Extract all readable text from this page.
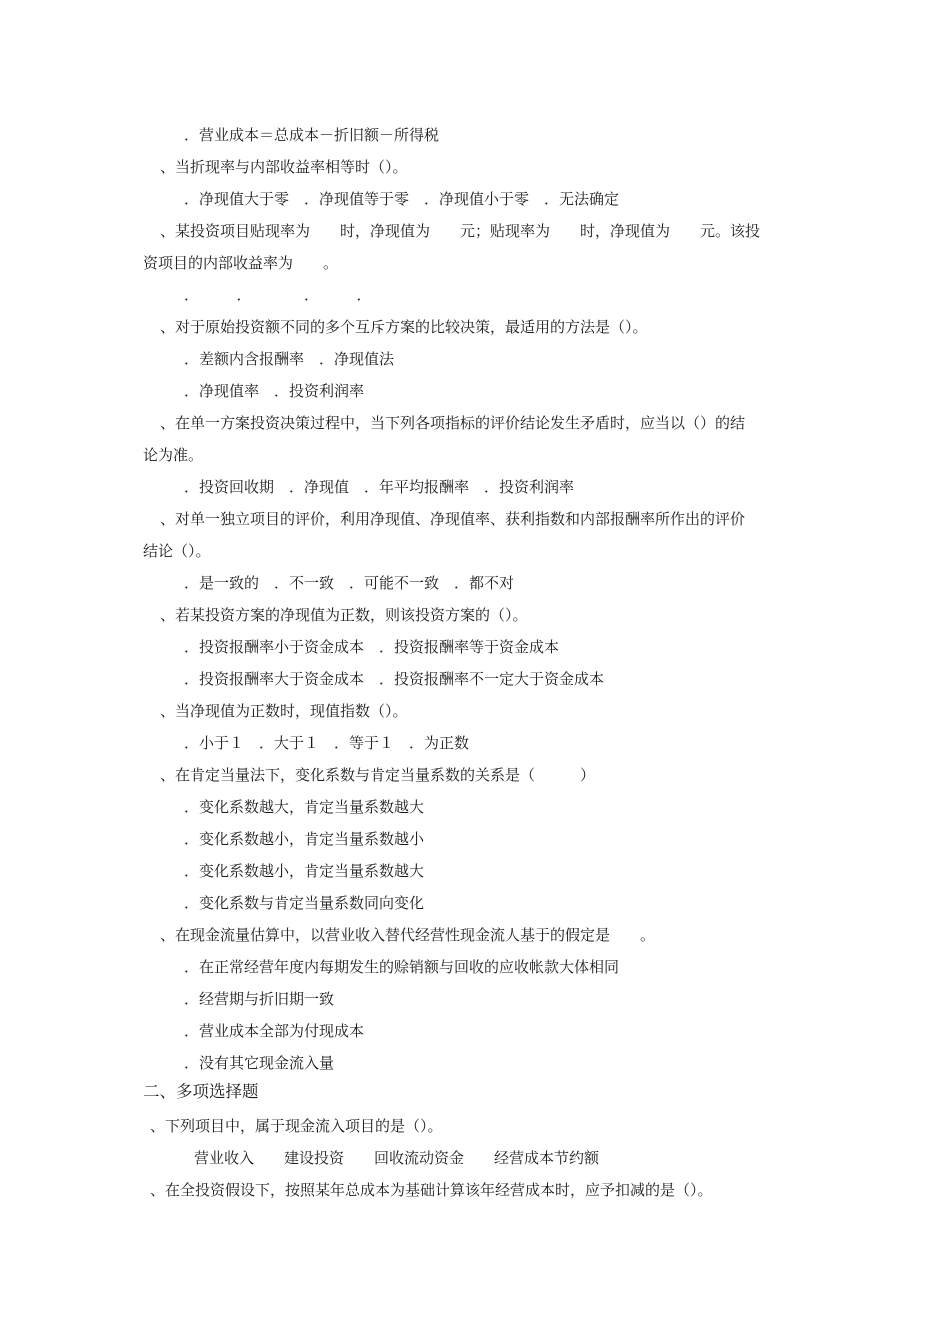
．营业成本＝总成本－折旧额－所得税
、当折现率与内部收益率相等时（）。
．净现值大于零　．净现值等于零　．净现值小于零　．无法确定
、某投资项目贴现率为　　时，净现值为　　元；贴现率为　　时，净现值为　　元。该投
资项目的内部收益率为　　。
．　　　．　　　　．　　　．
、对于原始投资额不同的多个互斥方案的比较决策，最适用的方法是（）。
．差额内含报酬率　．净现值法
．净现值率　．投资利润率
、在单一方案投资决策过程中，当下列各项指标的评价结论发生矛盾时，应当以（）的结
论为准。
．投资回收期　．净现值　．年平均报酬率　．投资利润率
、对单一独立项目的评价，利用净现值、净现值率、获利指数和内部报酬率所作出的评价
结论（）。
．是一致的　．不一致　．可能不一致　．都不对
、若某投资方案的净现值为正数，则该投资方案的（）。
．投资报酬率小于资金成本　．投资报酬率等于资金成本
．投资报酬率大于资金成本　．投资报酬率不一定大于资金成本
、当净现值为正数时，现值指数（）。
．小于１　．大于１　．等于１　．为正数
、在肯定当量法下，变化系数与肯定当量系数的关系是（　　　）
．变化系数越大，肯定当量系数越大
．变化系数越小，肯定当量系数越小
．变化系数越小，肯定当量系数越大
．变化系数与肯定当量系数同向变化
、在现金流量估算中，以营业收入替代经营性现金流人基于的假定是　　。
．在正常经营年度内每期发生的赊销额与回收的应收帐款大体相同
．经营期与折旧期一致
．营业成本全部为付现成本
．没有其它现金流入量
二、多项选择题
、下列项目中，属于现金流入项目的是（）。
营业收入　　建设投资　　回收流动资金　　经营成本节约额
、在全投资假设下，按照某年总成本为基础计算该年经营成本时，应予扣减的是（）。
